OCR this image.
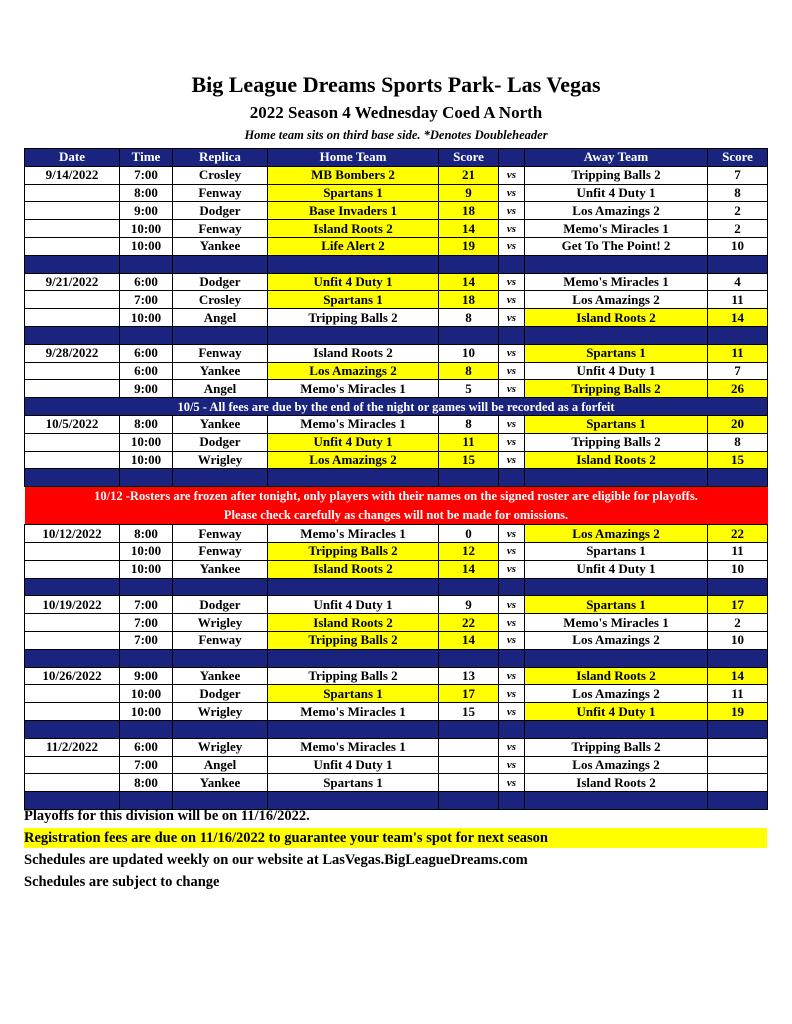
Big League Dreams Sports Park- Las Vegas
2022 Season 4 Wednesday Coed A North
Home team sits on third base side. *Denotes Doubleheader
Date	Time	Replica	Home Team	Score		Away Team	Score
9/14/2022	7:00	Crosley	MB Bombers 2	21	vs	Tripping Balls 2	7
	8:00	Fenway	Spartans 1	9	vs	Unfit 4 Duty 1	8
	9:00	Dodger	Base Invaders 1	18	vs	Los Amazings 2	2
	10:00	Fenway	Island Roots 2	14	vs	Memo's Miracles 1	2
	10:00	Yankee	Life Alert 2	19	vs	Get To The Point! 2	10

9/21/2022	6:00	Dodger	Unfit 4 Duty 1	14	vs	Memo's Miracles 1	4
	7:00	Crosley	Spartans 1	18	vs	Los Amazings 2	11
	10:00	Angel	Tripping Balls 2	8	vs	Island Roots 2	14

9/28/2022	6:00	Fenway	Island Roots 2	10	vs	Spartans 1	11
	6:00	Yankee	Los Amazings 2	8	vs	Unfit 4 Duty 1	7
	9:00	Angel	Memo's Miracles 1	5	vs	Tripping Balls 2	26
10/5 - All fees are due by the end of the night or games will be recorded as a forfeit							
10/5/2022	8:00	Yankee	Memo's Miracles 1	8	vs	Spartans 1	20
	10:00	Dodger	Unfit 4 Duty 1	11	vs	Tripping Balls 2	8
	10:00	Wrigley	Los Amazings 2	15	vs	Island Roots 2	15

10/12 -Rosters are frozen after tonight, only players with their names on the signed roster are eligible for playoffs.							
Please check carefully as changes will not be made for omissions.							
10/12/2022	8:00	Fenway	Memo's Miracles 1	0	vs	Los Amazings 2	22
	10:00	Fenway	Tripping Balls 2	12	vs	Spartans 1	11
	10:00	Yankee	Island Roots 2	14	vs	Unfit 4 Duty 1	10

10/19/2022	7:00	Dodger	Unfit 4 Duty 1	9	vs	Spartans 1	17
	7:00	Wrigley	Island Roots 2	22	vs	Memo's Miracles 1	2
	7:00	Fenway	Tripping Balls 2	14	vs	Los Amazings 2	10

10/26/2022	9:00	Yankee	Tripping Balls 2	13	vs	Island Roots 2	14
	10:00	Dodger	Spartans 1	17	vs	Los Amazings 2	11
	10:00	Wrigley	Memo's Miracles 1	15	vs	Unfit 4 Duty 1	19

11/2/2022	6:00	Wrigley	Memo's Miracles 1		vs	Tripping Balls 2	
	7:00	Angel	Unfit 4 Duty 1		vs	Los Amazings 2	
	8:00	Yankee	Spartans 1		vs	Island Roots 2	

Playoffs for this division will be on 11/16/2022.
Registration fees are due on 11/16/2022 to guarantee your team's spot for next season
Schedules are updated weekly on our website at LasVegas.BigLeagueDreams.com
Schedules are subject to change
